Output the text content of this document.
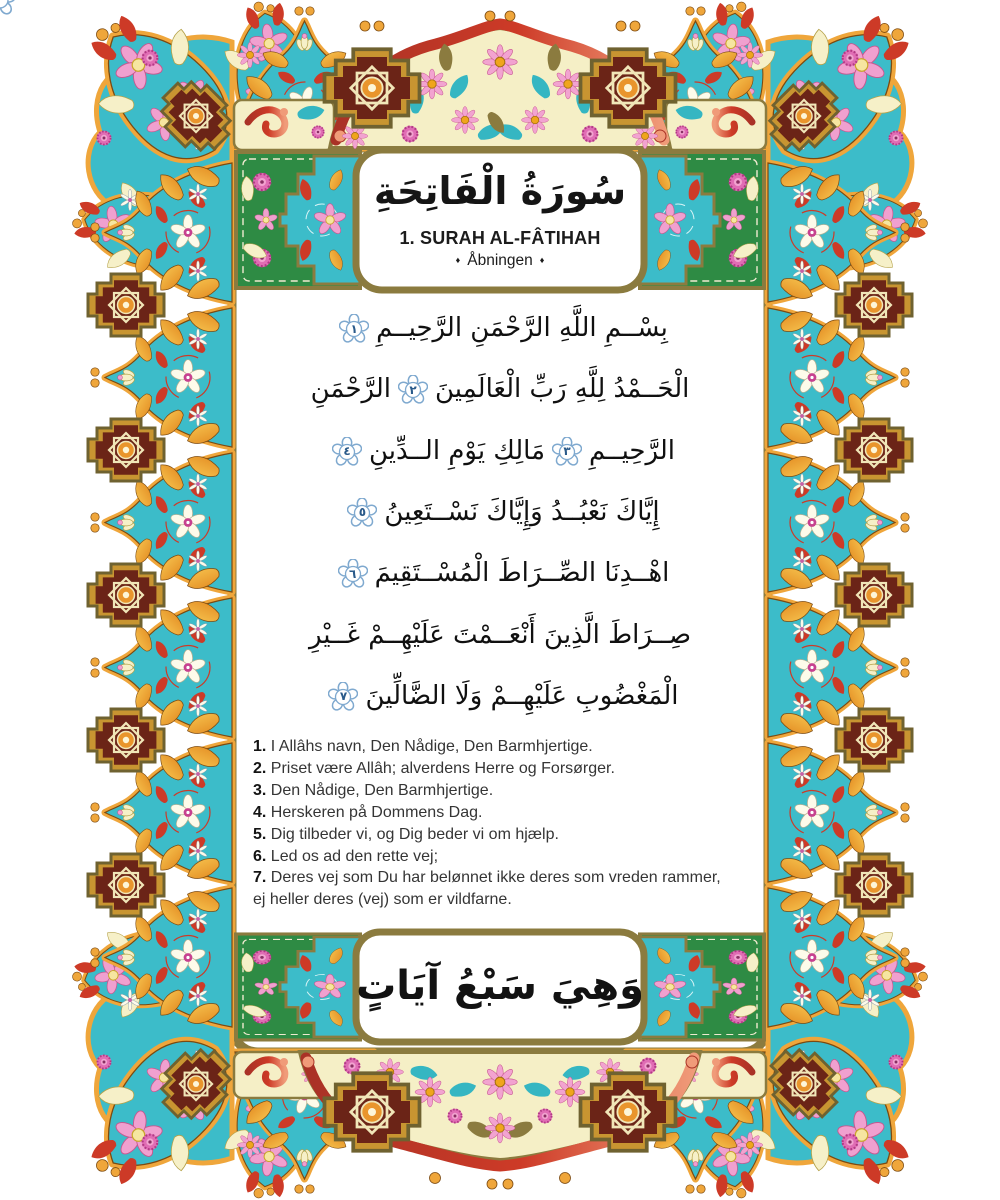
سُورَةُ الْفَاتِحَةِ
1. SURAH AL-FÂTIHAH
♦ Åbningen ♦
بِسْــمِ اللَّهِ الرَّحْمَنِ الرَّحِيــمِ
١
الْحَــمْدُ لِلَّهِ رَبِّ الْعَالَمِينَ
٢
الرَّحْمَنِ
الرَّحِيــمِ
٣
مَالِكِ يَوْمِ الــدِّينِ
٤
إِيَّاكَ نَعْبُــدُ وَإِيَّاكَ نَسْــتَعِينُ
٥
اهْــدِنَا الصِّــرَاطَ الْمُسْــتَقِيمَ
٦
صِــرَاطَ الَّذِينَ أَنْعَــمْتَ عَلَيْهِــمْ غَــيْرِ
الْمَغْضُوبِ عَلَيْهِــمْ وَلَا الضَّالِّينَ
٧
1. I Allâhs navn, Den Nådige, Den Barmhjertige.
2. Priset være Allâh; alverdens Herre og Forsørger.
3. Den Nådige, Den Barmhjertige.
4. Herskeren på Dommens Dag.
5. Dig tilbeder vi, og Dig beder vi om hjælp.
6. Led os ad den rette vej;
7. Deres vej som Du har belønnet ikke deres som vreden rammer,
ej heller deres (vej) som er vildfarne.
وَهِيَ سَبْعُ آيَاتٍ
